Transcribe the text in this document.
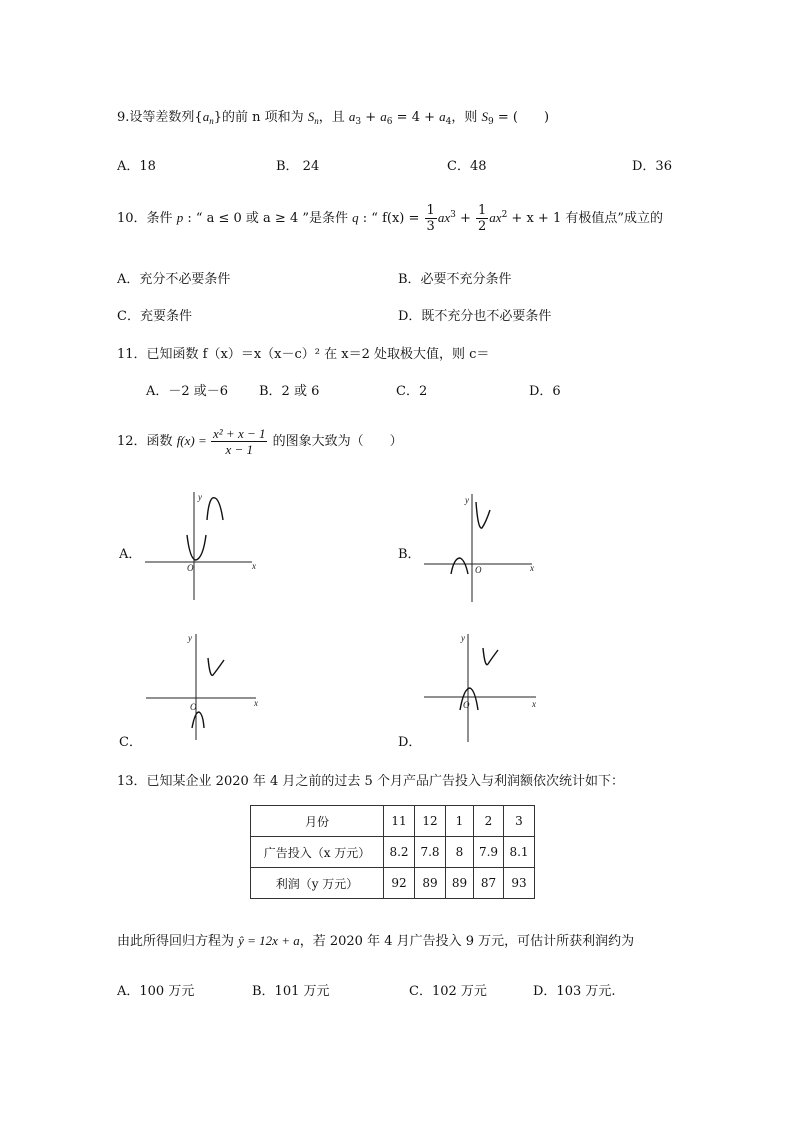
9.设等差数列$\{a_n\}$的前 n 项和为 $S_n$，且 $a_3 + a_6 = 4 + a_4$，则 $S_9$ = (　　)
A．18	B． 24	C．48	D．36
10．条件 p : “ a ≤ 0 或 a ≥ 4 ”是条件 q : “ $f(x) = \frac{1}{3} ax^3 + \frac{1}{2} ax^2 + x + 1$ 有极值点”成立的
A．充分不必要条件	B．必要不充分条件
C．充要条件	D．既不充分也不必要条件
11．已知函数 f（x）＝x（x－c）² 在 x＝2 处取极大值，则 c＝
A．－2 或－6 B．2 或 6	C．2	D．6
12．函数 $f(x) = \frac{\text{x² + x − 1}}{x - 1}$ 的图象大致为（　　）
A．	B．
C．	D．
x
y
O	x
y
O
x
y
O	x
y
O
13．已知某企业 2020 年 4 月之前的过去 5 个月产品广告投入与利润额依次统计如下：
月份	11	12	1	2	3
广告投入（x 万元）	8.2	7.8	8	7.9	8.1
利润（y 万元）	92	89	89	87	93
由此所得回归方程为 ŷ = 12x + a，若 2020 年 4 月广告投入 9 万元，可估计所获利润约为
A．100 万元	B．101 万元	C．102 万元	D．103 万元.
